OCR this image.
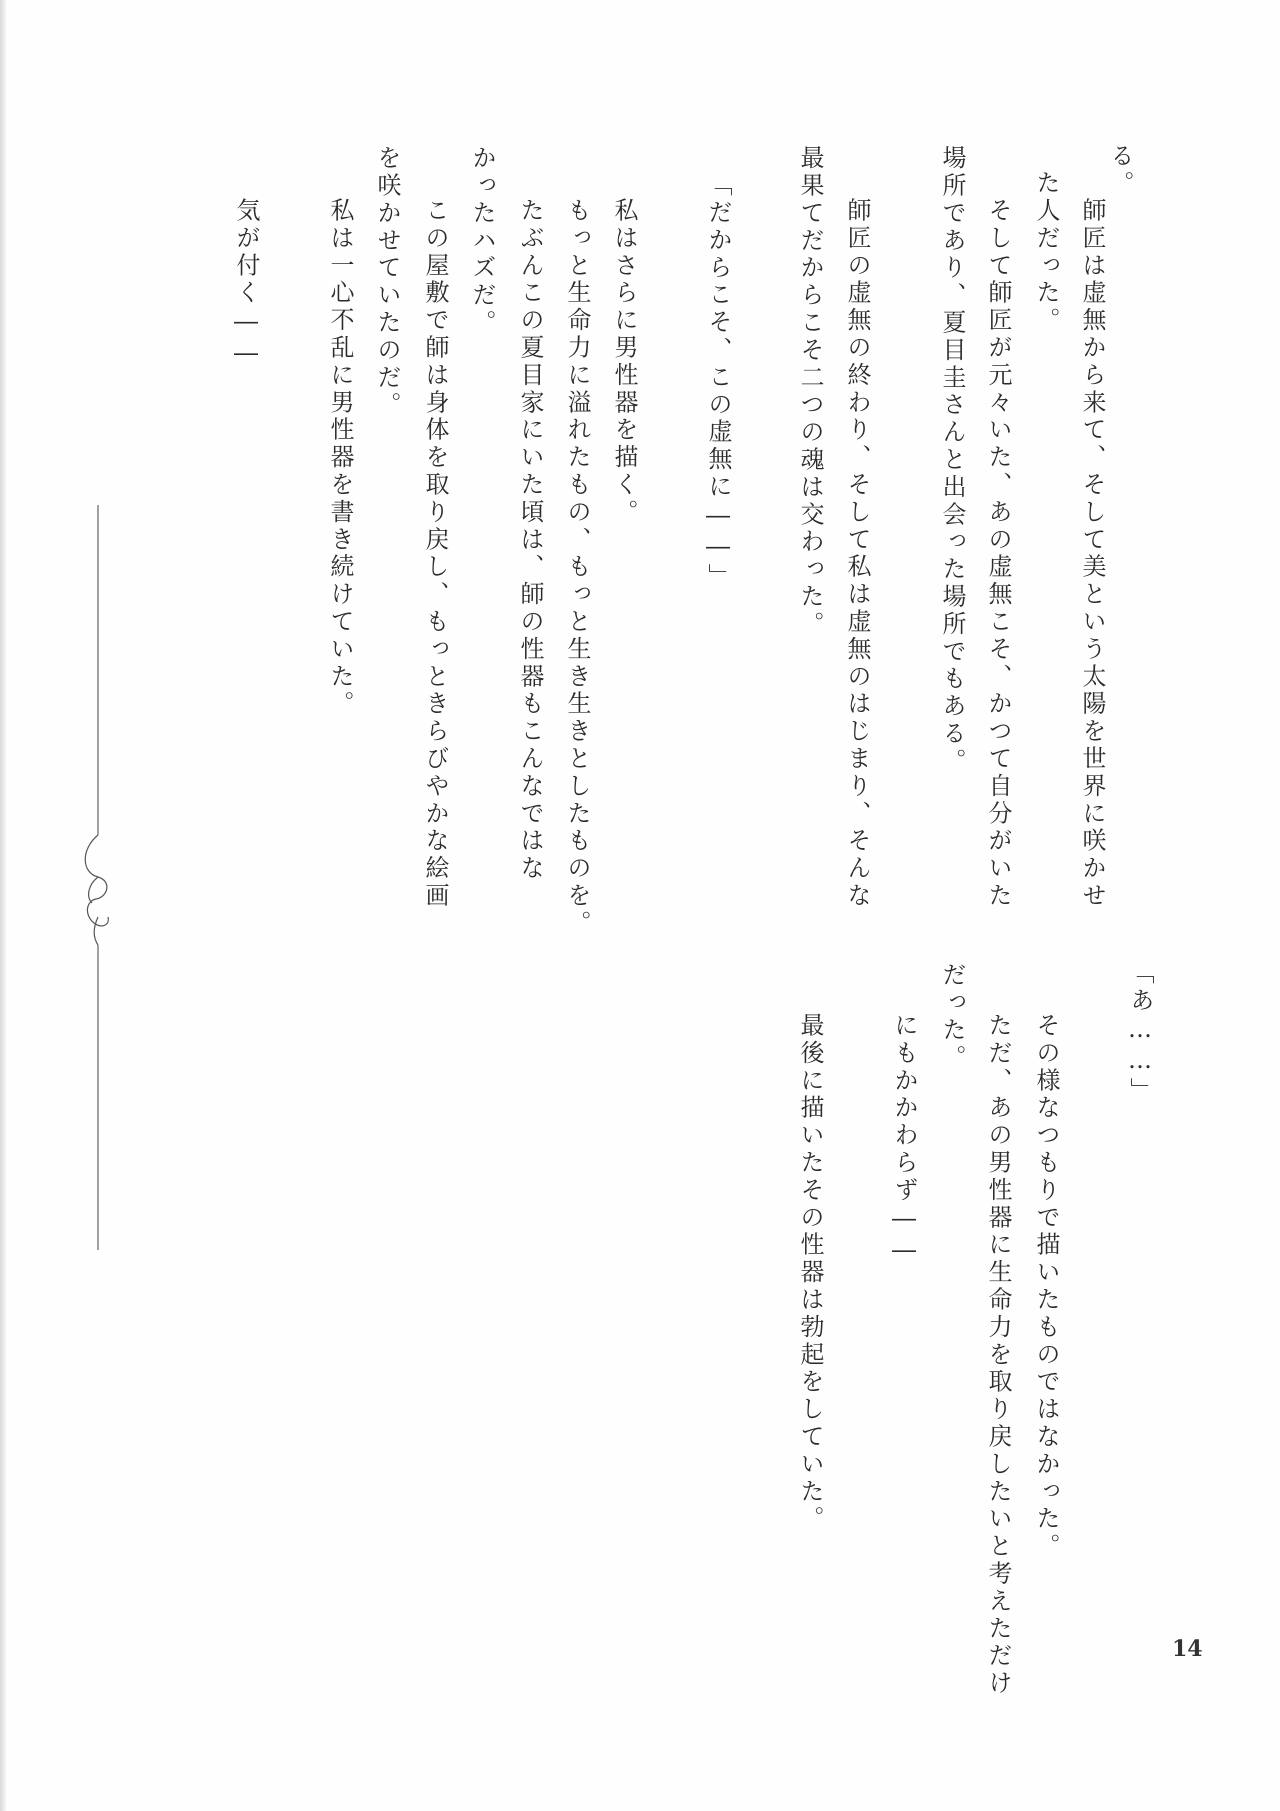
る。
　師匠は虚無から来て、そして美という太陽を世界に咲かせ
た人だった。
　そして師匠が元々いた、あの虚無こそ、かつて自分がいた
場所であり、夏目圭さんと出会った場所でもある。
　師匠の虚無の終わり、そして私は虚無のはじまり、そんな
最果てだからこそ二つの魂は交わった。
「だからこそ、この虚無に――」
　私はさらに男性器を描く。
　もっと生命力に溢れたもの、もっと生き生きとしたものを。
　たぶんこの夏目家にいた頃は、師の性器もこんなではな
かったハズだ。
　この屋敷で師は身体を取り戻し、もっときらびやかな絵画
を咲かせていたのだ。
　私は一心不乱に男性器を書き続けていた。
　気が付く――
「あ……」
　その様なつもりで描いたものではなかった。
　ただ、あの男性器に生命力を取り戻したいと考えただけ
だった。
　にもかかわらず――
　最後に描いたその性器は勃起をしていた。
14
